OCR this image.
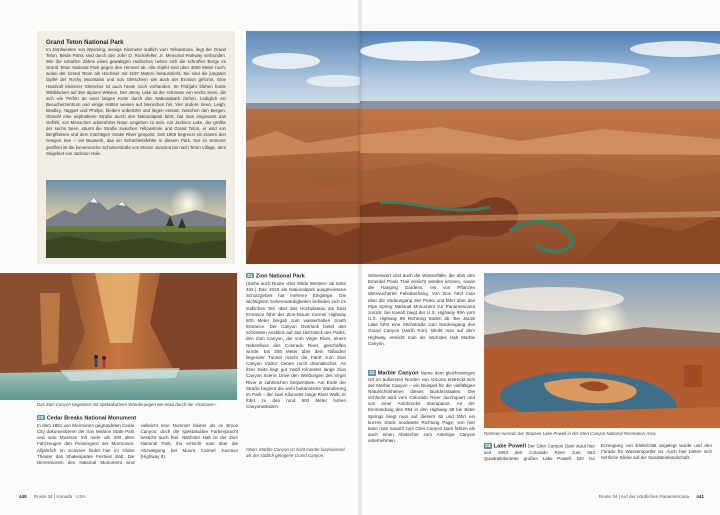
Grand Teton National Park
Im Nordwesten von Wyoming, wenige Kilometer südlich vom Yellowstone, liegt der Grand Teton. Beide Parks sind durch den John D. Rockefeller, Jr. Memorial Parkway verbunden. Wie die scharfen Zähne eines gewaltigen Haifisches heben sich die schroffen Berge im Grand Teton National Park gegen den Himmel ab. Alle Gipfel sind über 3000 Meter hoch, wobei der Grand Teton als Höchster mit 4197 Metern heraussticht. Sie sind die jüngsten Gipfel der Rocky Mountains und von Gletschern wie auch der Erosion geformt. Eine Handvoll kleinerer Gletscher ist auch heute noch vorhanden. Im Frühjahr blühen bunte Wildblumen auf den alpinen Wiesen. Der Jenny Lake ist der schönste von sechs Seen, die sich wie Perlen an einer langen Kette durch den Nationalpark ziehen. Lediglich ein Besucherzentrum und einige Hütten weisen auf Menschen hin. Vier andere Seen, Leigh, Bradley, Taggart und Phelps, bleiben unberührt und liegen einsam zwischen den Bergen. Obwohl eine asphaltierte Straße durch den Nationalpark führt, hat man insgesamt das Gefühl, von Menschen unberührter Natur umgeben zu sein. Am Jackson Lake, der größte der sechs Seen, säumt die Straße zwischen Yellowstone und Grand Teton, er wird von Bergflüssen und dem mächtigen Snake River gespeist. Seit 1906 begrenzt ein Damm den riesigen See – ein Bauwerk, das ein Schönheitsfehler in diesem Park. Nur im Sommer geöffnet ist die kurvenreiche Schotterstraße von Moose Junction bis nach Teton Village, dem Skigebiet von Jackson Hole.
Das Zion Canyon begeistert mit spektakulären Wanderungen wie etwa durch die »Narrows«.
20 Cedar Breaks National Monument
In dem 1851 von Mormonen gegründeten Cedar City dokumentieren der Iron Mission State Park und sein Museum mit mehr als 300 alten Fahrzeugen den Pioniergeist der Mormonen. Alljährlich im Sommer findet hier im Globe Theater das Shakespeare Festival statt. Die Dimensionen des National Monument sind vielleicht eine Nummer kleiner als im Bryce Canyon, doch die spektakuläre Farbenpracht besticht auch hier. Nächster Halt ist der Zion National Park, ihn erreicht man über die Abzweigung bei Mount Carmel Junction (Highway 9).
21 Zion National Park
(Siehe auch Route »Der Wilde Westen« ab Seite 462.) Das 1919 als Nationalpark ausgewiesene Schutzgebiet hat mehrere Eingänge. Die wichtigsten Sehenswürdigkeiten befinden sich im südlichen Teil, über das Hochplateau am East Entrance führt der Zion-Mount Carmel Highway 600 Meter bergab zum wasserhalten South Entrance. Der Canyon Overlook bietet den schönsten Ausblick auf das Herzstück des Parks, den Zion Canyon, der vom Virgin River, einem Nebenfluss des Colorado River, geschaffen wurde. Ein 255 Meter über dem Talboden liegender Tunnel macht die Fahrt zum Zion Canyon Visitor Center noch dramatischer. An ihrer Seite liegt gut zwölf Kilometer lange Zion Canyon Scenic Drive den Windungen des Virgin River in zahlreichen Serpentinen. Am Ende der Straße beginnt die wohl bekannteste Wanderung im Park – der zwei Kilometer lange River Walk; er führt zu den rund 600 Meter hohen Canyonwänden.
Oben: Marble Canyon ist nicht minder faszinierend als der südlich gelegene Grand Canyon.
448 Route 34 | Kanada · USA
Seherswert sind auch die Wasserfälle, die über den Emerald Pools Trail erreicht werden können, sowie die Hanging Gardens, ein von Pflanzen überwucherter Felsüberhang. Von Zion führt man über die Südausgang des Parks und fährt über das Pipe Spring National Monument zur Panamericana zurück: bei Kanab biegt der U.S. Highway 89A vom U.S. Highway 89 Richtung Süden ab. Bei Jacob Lake führt eine Stichstraße zum Nordeingang des Grand Canyon (North Rim). Bleibt man auf dem Highway, erreicht man als nächstes Halt Marble Canyon.
22 Marble Canyon Name dem gleichnamigen Ort im äußersten Norden von Arizona erstreckt sich der Marble Canyon – ein Beispiel für die vielfältigen Naturschönheiten dieses Bundesstaates. Die Schlucht wird vom Colorado River durchquert und von einer Autobrücke überspannt. An der Einmündung des 894 in den Highway 89 bei Bitter Springs biegt man auf diesem ab und fährt ein kurzes Stück nordwärts Richtung Page; von hier kann man sowohl zum Glen Canyon Dam fahren als auch einen Abstecher zum Antelope Canyon unternehmen.
Rahmen surreal: der Stausee Lake Powell in der Glen Canyon National Recreation Area.
23 Lake Powell Der Glen Canyon Dam staut hier seit 1963 den Colorado River zum 653 Quadratkilometer großen Lake Powell. Der zur Erzeugung von Elektrizität angelegt wurde und den Furado für Wassersportler ist. Auch hier bieten sich herrliche Blicke auf die Sandsteinlandschaft.
Route 34 | Auf der nördlichen Panamericana 441
